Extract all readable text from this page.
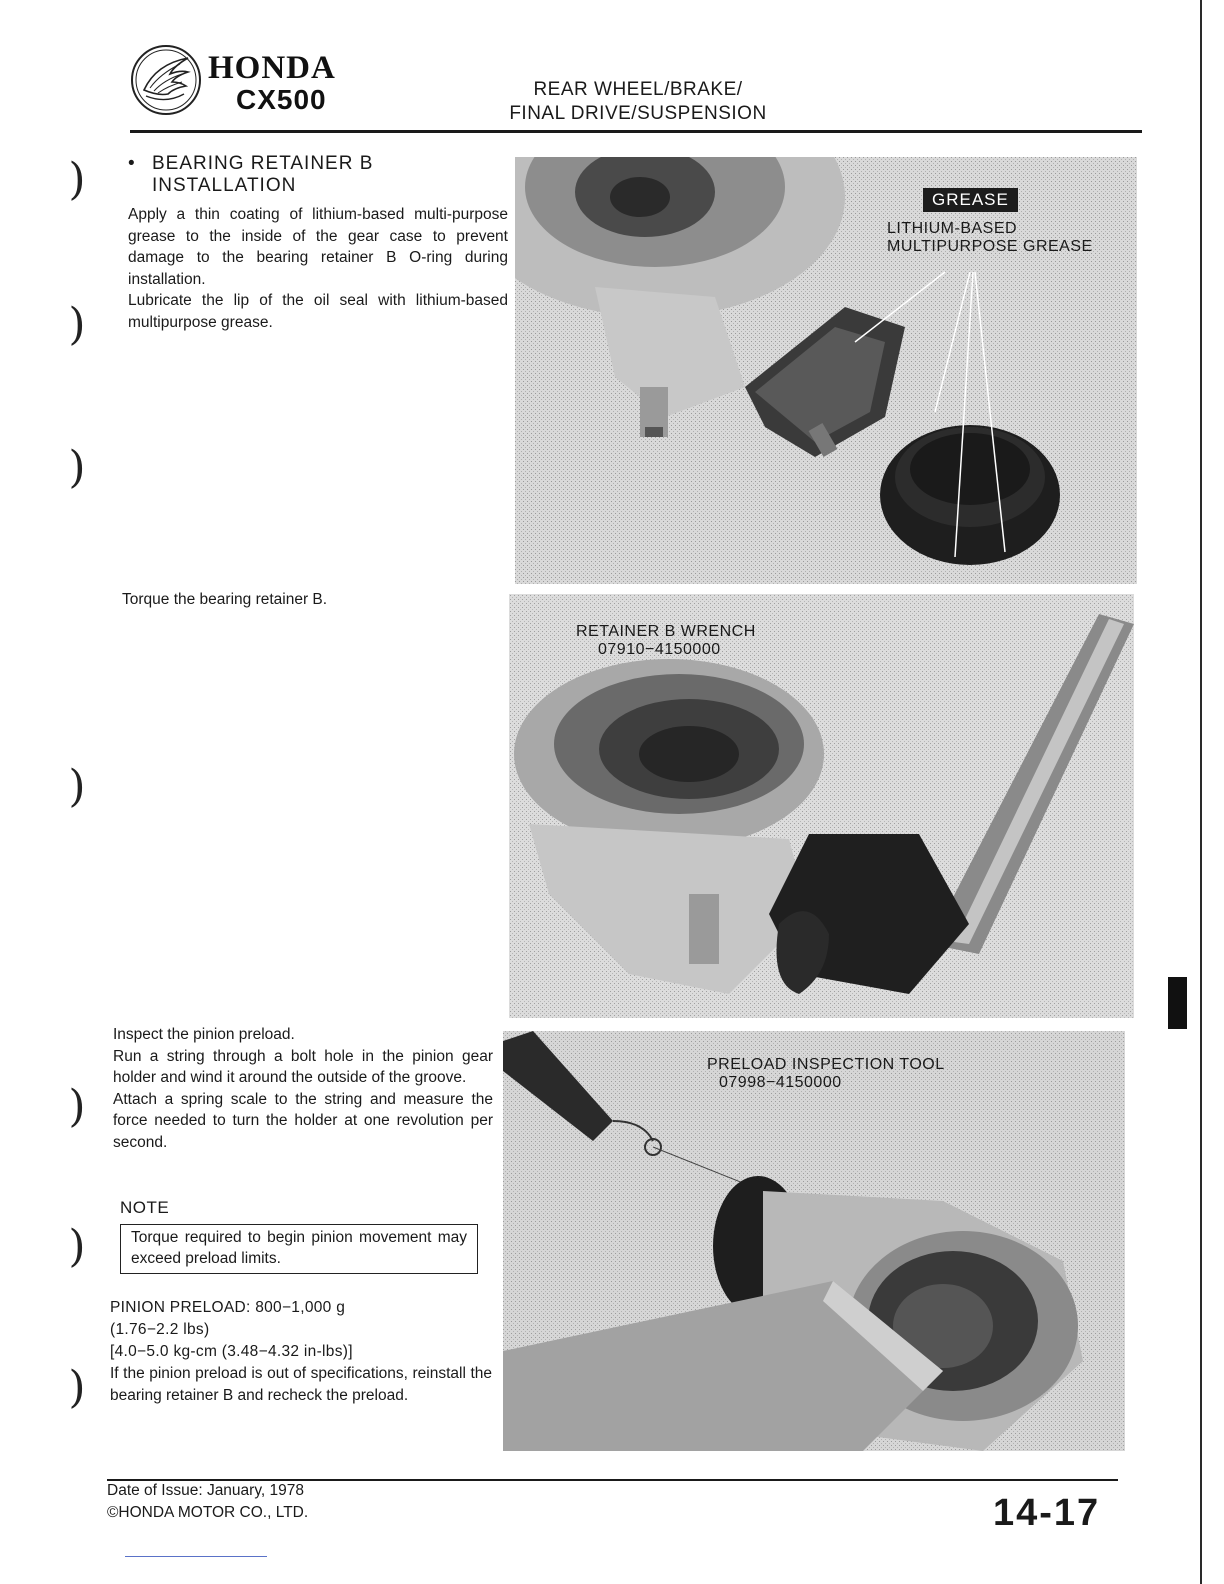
HONDA
CX500	REAR WHEEL/BRAKE/
FINAL DRIVE/SUSPENSION
)
)
)
)
)
)
)
• BEARING RETAINER B
INSTALLATION
Apply a thin coating of lithium-based multi-purpose grease to the inside of the gear case to prevent damage to the bearing retainer B O-ring during installation.
Lubricate the lip of the oil seal with lithium-based multipurpose grease.
GREASE
LITHIUM-BASED
MULTIPURPOSE GREASE
Torque the bearing retainer B.
RETAINER B WRENCH
07910−4150000
Inspect the pinion preload.
Run a string through a bolt hole in the pinion gear holder and wind it around the outside of the groove.
Attach a spring scale to the string and measure the force needed to turn the holder at one revolution per second.
NOTE
Torque required to begin pinion movement may exceed preload limits.
PINION PRELOAD: 800−1,000 g
(1.76−2.2 lbs)
[4.0−5.0 kg-cm (3.48−4.32 in-lbs)]
If the pinion preload is out of specifications, reinstall the bearing retainer B and recheck the preload.
PRELOAD INSPECTION TOOL
07998−4150000
Date of Issue: January, 1978
©HONDA MOTOR CO., LTD.	14-17
